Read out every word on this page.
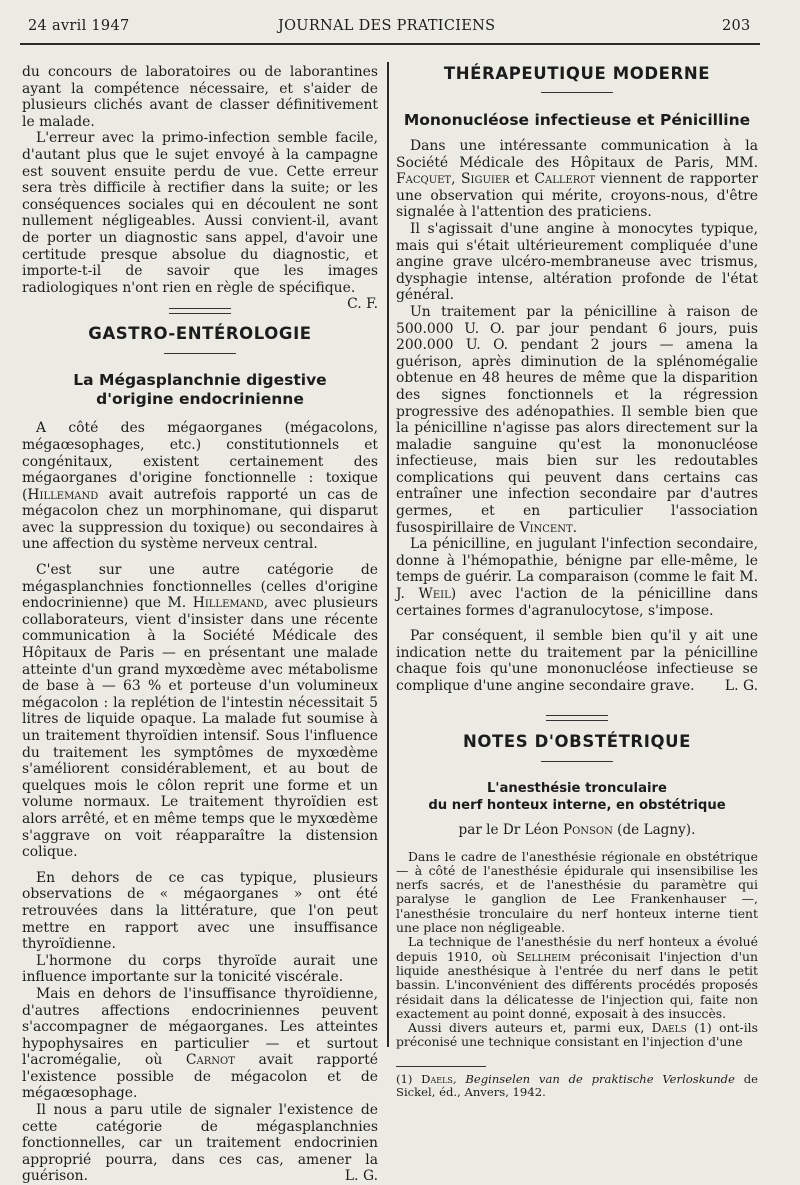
24 avril 1947	JOURNAL DES PRATICIENS	203

du concours de laboratoires ou de laborantines ayant la compétence nécessaire, et s'aider de plusieurs clichés avant de classer définitivement le malade.

L'erreur avec la primo-infection semble facile, d'autant plus que le sujet envoyé à la campagne est souvent ensuite perdu de vue. Cette erreur sera très difficile à rectifier dans la suite; or les conséquences sociales qui en découlent ne sont nullement négligeables. Aussi convient-il, avant de porter un diagnostic sans appel, d'avoir une certitude presque absolue du diagnostic, et importe-t-il de savoir que les images radiologiques n'ont rien en règle de spécifique.
C. F.

GASTRO-ENTÉROLOGIE
La Mégasplanchnie digestive
d'origine endocrinienne

A côté des mégaorganes (mégacolons, mégaœsophages, etc.) constitutionnels et congénitaux, existent certainement des mégaorganes d'origine fonctionnelle : toxique (Hillemand avait autrefois rapporté un cas de mégacolon chez un morphinomane, qui disparut avec la suppression du toxique) ou secondaires à une affection du système nerveux central.

C'est sur une autre catégorie de mégasplanchnies fonctionnelles (celles d'origine endocrinienne) que M. Hillemand, avec plusieurs collaborateurs, vient d'insister dans une récente communication à la Société Médicale des Hôpitaux de Paris — en présentant une malade atteinte d'un grand myxœdème avec métabolisme de base à — 63 % et porteuse d'un volumineux mégacolon : la replétion de l'intestin nécessitait 5 litres de liquide opaque. La malade fut soumise à un traitement thyroïdien intensif. Sous l'influence du traitement les symptômes de myxœdème s'améliorent considérablement, et au bout de quelques mois le côlon reprit une forme et un volume normaux. Le traitement thyroïdien est alors arrêté, et en même temps que le myxœdème s'aggrave on voit réapparaître la distension colique.

En dehors de ce cas typique, plusieurs observations de « mégaorganes » ont été retrouvées dans la littérature, que l'on peut mettre en rapport avec une insuffisance thyroïdienne.

L'hormone du corps thyroïde aurait une influence importante sur la tonicité viscérale.

Mais en dehors de l'insuffisance thyroïdienne, d'autres affections endocriniennes peuvent s'accompagner de mégaorganes. Les atteintes hypophysaires en particulier — et surtout l'acromégalie, où Carnot avait rapporté l'existence possible de mégacolon et de mégaœsophage.

Il nous a paru utile de signaler l'existence de cette catégorie de mégasplanchnies fonctionnelles, car un traitement endocrinien approprié pourra, dans ces cas, amener la guérison.	L. G.

THÉRAPEUTIQUE MODERNE
Mononucléose infectieuse et Pénicilline

Dans une intéressante communication à la Société Médicale des Hôpitaux de Paris, MM. Facquet, Siguier et Callerot viennent de rapporter une observation qui mérite, croyons-nous, d'être signalée à l'attention des praticiens.

Il s'agissait d'une angine à monocytes typique, mais qui s'était ultérieurement compliquée d'une angine grave ulcéro-membraneuse avec trismus, dysphagie intense, altération profonde de l'état général.

Un traitement par la pénicilline à raison de 500.000 U. O. par jour pendant 6 jours, puis 200.000 U. O. pendant 2 jours — amena la guérison, après diminution de la splénomégalie obtenue en 48 heures de même que la disparition des signes fonctionnels et la régression progressive des adénopathies. Il semble bien que la pénicilline n'agisse pas alors directement sur la maladie sanguine qu'est la mononucléose infectieuse, mais bien sur les redoutables complications qui peuvent dans certains cas entraîner une infection secondaire par d'autres germes, et en particulier l'association fusospirillaire de Vincent.

La pénicilline, en jugulant l'infection secondaire, donne à l'hémopathie, bénigne par elle-même, le temps de guérir. La comparaison (comme le fait M. J. Weil) avec l'action de la pénicilline dans certaines formes d'agranulocytose, s'impose.

Par conséquent, il semble bien qu'il y ait une indication nette du traitement par la pénicilline chaque fois qu'une mononucléose infectieuse se complique d'une angine secondaire grave. L. G.

NOTES D'OBSTÉTRIQUE
L'anesthésie tronculaire
du nerf honteux interne, en obstétrique

par le Dr Léon Ponson (de Lagny).

Dans le cadre de l'anesthésie régionale en obstétrique — à côté de l'anesthésie épidurale qui insensibilise les nerfs sacrés, et de l'anesthésie du paramètre qui paralyse le ganglion de Lee Frankenhauser —, l'anesthésie tronculaire du nerf honteux interne tient une place non négligeable.

La technique de l'anesthésie du nerf honteux a évolué depuis 1910, où Sellheim préconisait l'injection d'un liquide anesthésique à l'entrée du nerf dans le petit bassin. L'inconvénient des différents procédés proposés résidait dans la délicatesse de l'injection qui, faite non exactement au point donné, exposait à des insuccès.

Aussi divers auteurs et, parmi eux, Daels (1) ont-ils préconisé une technique consistant en l'injection d'une

(1) Daels, Beginselen van de praktische Verloskunde de Sickel, éd., Anvers, 1942.
